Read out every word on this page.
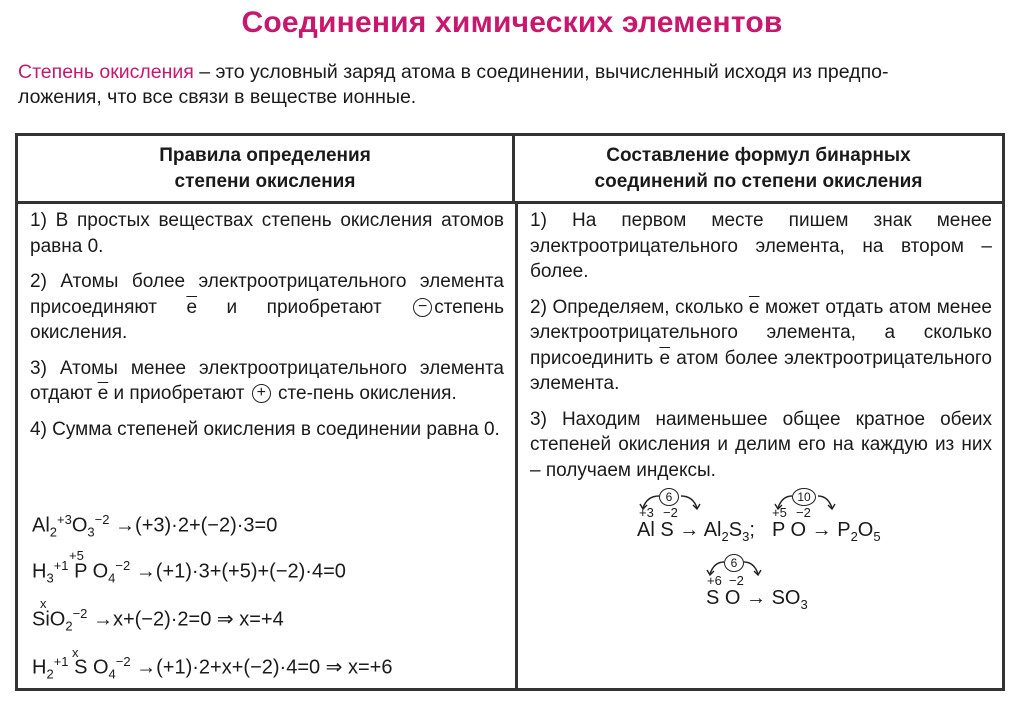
Соединения химических элементов
Степень окисления – это условный заряд атома в соединении, вычисленный исходя из предпо-
ложения, что все связи в веществе ионные.
Правила определения
степени окисления
Составление формул бинарных
соединений по степени окисления

1) В простых веществах степень окисления атомов равна 0.

2) Атомы более электроотрицательного элемента присоединяют $\overline{e}$ и приобретают − степень окисления.

3) Атомы менее электроотрицательного элемента отдают $\overline{e}$ и приобретают + сте-пень окисления.

4) Сумма степеней окисления в соединении равна 0.

$Al_2^{+3}O_3^{-2} \to(+3)\cdot 2+(-2)\cdot 3=0$
+5
$H_3^{+1}$ P $O_4^{-2} \to(+1)\cdot 3+(+5)+(-2)\cdot 4=0$
x
SiO$_2^{-2}$ →x+(−2)·2=0 ⇒ x=+4
x
$H_2^{+1}$ S $O_4^{-2} \to(+1)\cdot 2+x+(-2)\cdot 4=0$ ⇒ x=+6

1) На первом месте пишем знак менее электроотрицательного элемента, на втором – более.

2) Определяем, сколько $\overline{e}$ может отдать атом менее электроотрицательного элемента, а сколько присоединить $\overline{e}$ атом более электроотрицательного элемента.

3) Находим наименьшее общее кратное обеих степеней окисления и делим его на каждую из них – получаем индексы.

6
+3 −2
Al $S \to Al_2S_3$;
10
+5 −2
P $O \to P_2O_5$
6
+6 −2
S $O \to SO_3$
